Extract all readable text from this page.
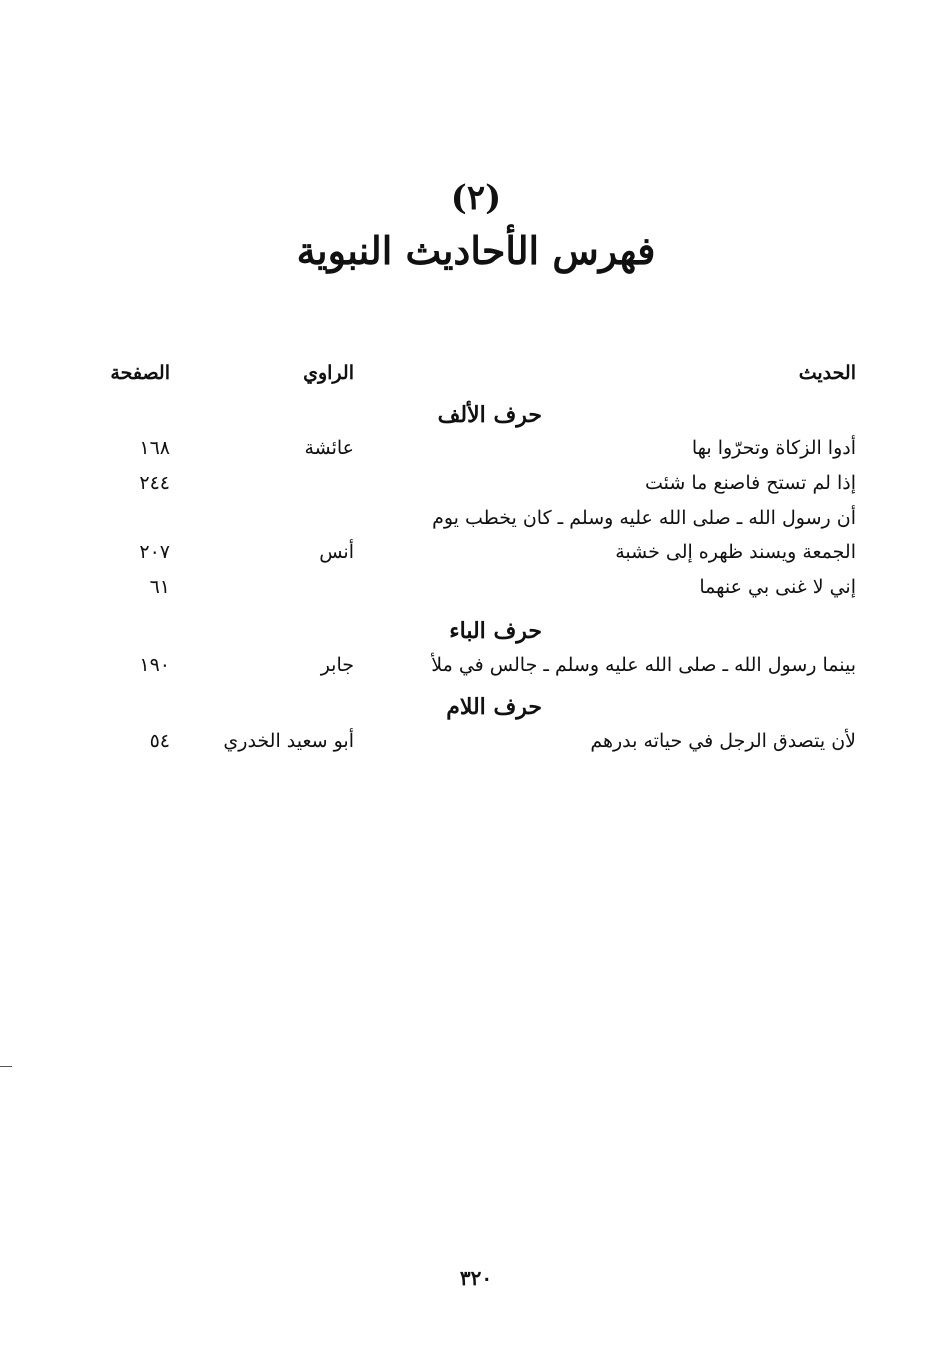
(٢)
فهرس الأحاديث النبوية
الحديث
الراوي
الصفحة
حرف الألف
أدوا الزكاة وتحرّوا بها
عائشة
١٦٨
إذا لم تستح فاصنع ما شئت
٢٤٤
أن رسول الله ـ صلى الله عليه وسلم ـ كان يخطب يوم
الجمعة ويسند ظهره إلى خشبة
أنس
٢٠٧
إني لا غنى بي عنهما
٦١
حرف الباء
بينما رسول الله ـ صلى الله عليه وسلم ـ جالس في ملأ
جابر
١٩٠
حرف اللام
لأن يتصدق الرجل في حياته بدرهم
أبو سعيد الخدري
٥٤
٣٢٠
